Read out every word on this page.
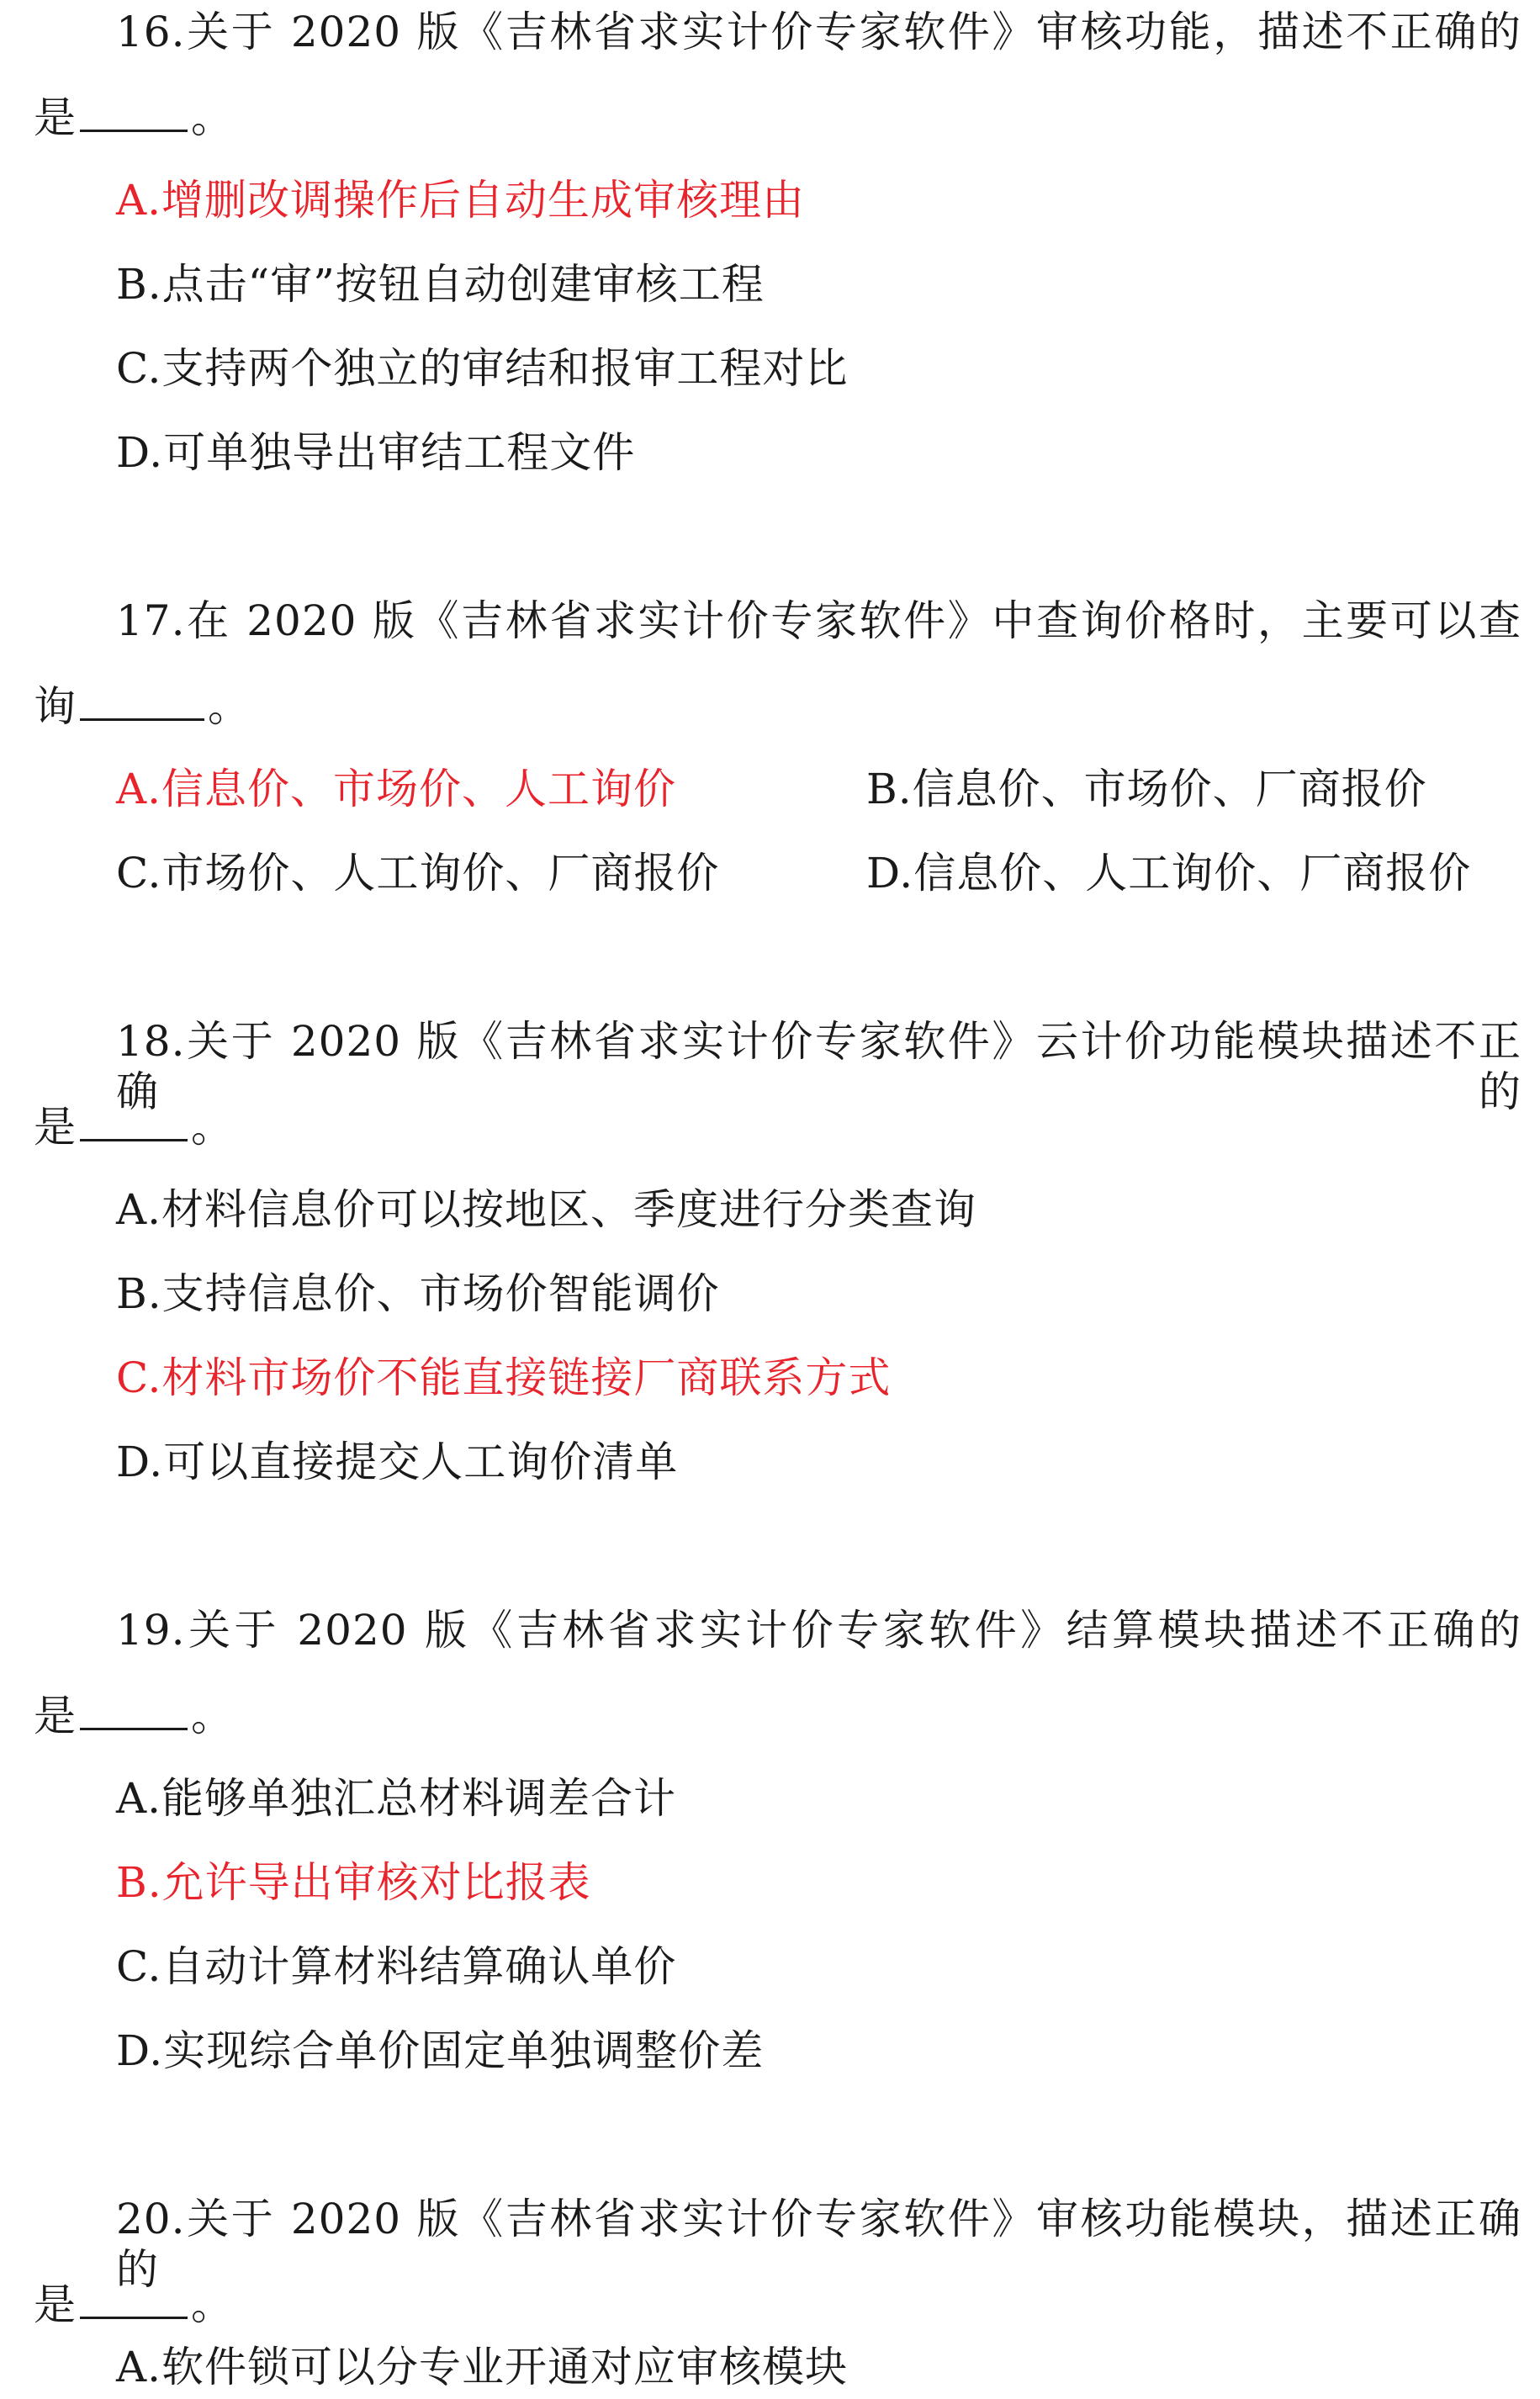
16.关于 2020 版《吉林省求实计价专家软件》审核功能，描述不正确的
是	。
A.增删改调操作后自动生成审核理由
B.点击“审”按钮自动创建审核工程
C.支持两个独立的审结和报审工程对比
D.可单独导出审结工程文件
17.在 2020 版《吉林省求实计价专家软件》中查询价格时，主要可以查
询	。
A.信息价、市场价、人工询价	B.信息价、市场价、厂商报价
C.市场价、人工询价、厂商报价	D.信息价、人工询价、厂商报价
18.关于 2020 版《吉林省求实计价专家软件》云计价功能模块描述不正确的
是	。
A.材料信息价可以按地区、季度进行分类查询
B.支持信息价、市场价智能调价
C.材料市场价不能直接链接厂商联系方式
D.可以直接提交人工询价清单
19.关于 2020 版《吉林省求实计价专家软件》结算模块描述不正确的
是	。
A.能够单独汇总材料调差合计
B.允许导出审核对比报表
C.自动计算材料结算确认单价
D.实现综合单价固定单独调整价差
20.关于 2020 版《吉林省求实计价专家软件》审核功能模块，描述正确的
是	。
A.软件锁可以分专业开通对应审核模块
